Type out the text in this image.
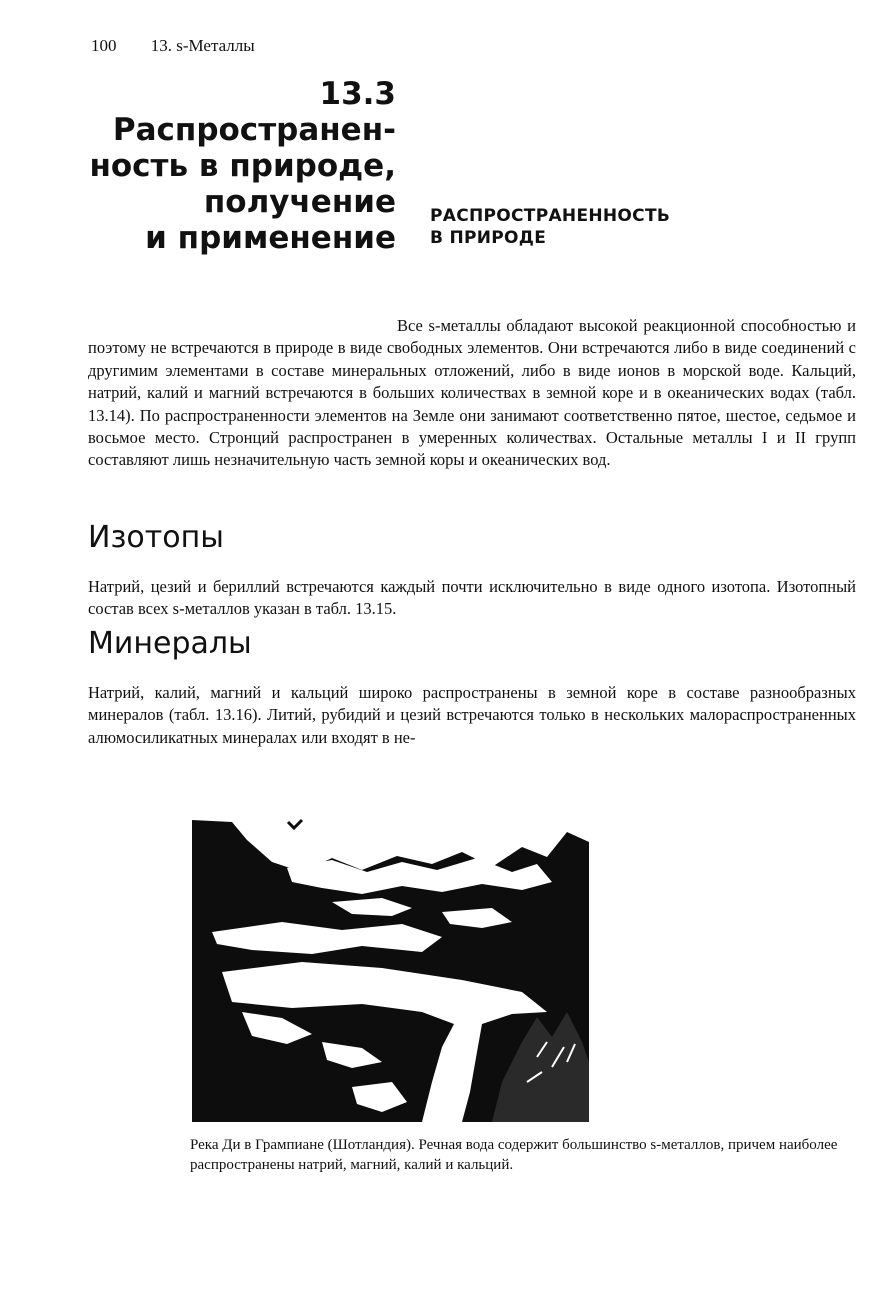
100 13. s-Металлы
13.3
Распространен-
ность в природе,
получение
и применение
РАСПРОСТРАНЕННОСТЬ
В ПРИРОДЕ

Все s-металлы обладают высокой реакционной способностью и поэтому не встречаются в природе в виде свободных элементов. Они встречаются либо в виде соединений с другимим элементами в составе минеральных отложений, либо в виде ионов в морской воде. Кальций, натрий, калий и магний встречаются в больших количествах в земной коре и в океанических водах (табл. 13.14). По распространенности элементов на Земле они занимают соответственно пятое, шестое, седьмое и восьмое место. Стронций распространен в умеренных количествах. Остальные металлы I и II групп составляют лишь незначительную часть земной коры и океанических вод.

Изотопы

Натрий, цезий и бериллий встречаются каждый почти исключительно в виде одного изотопа. Изотопный состав всех s-металлов указан в табл. 13.15.

Минералы

Натрий, калий, магний и кальций широко распространены в земной коре в составе разнообразных минералов (табл. 13.16). Литий, рубидий и цезий встречаются только в нескольких малораспространенных алюмосиликатных минералах или входят в не-

Река Ди в Грампиане (Шотландия). Речная вода содержит большинство s-металлов, причем наиболее распространены натрий, магний, калий и кальций.
